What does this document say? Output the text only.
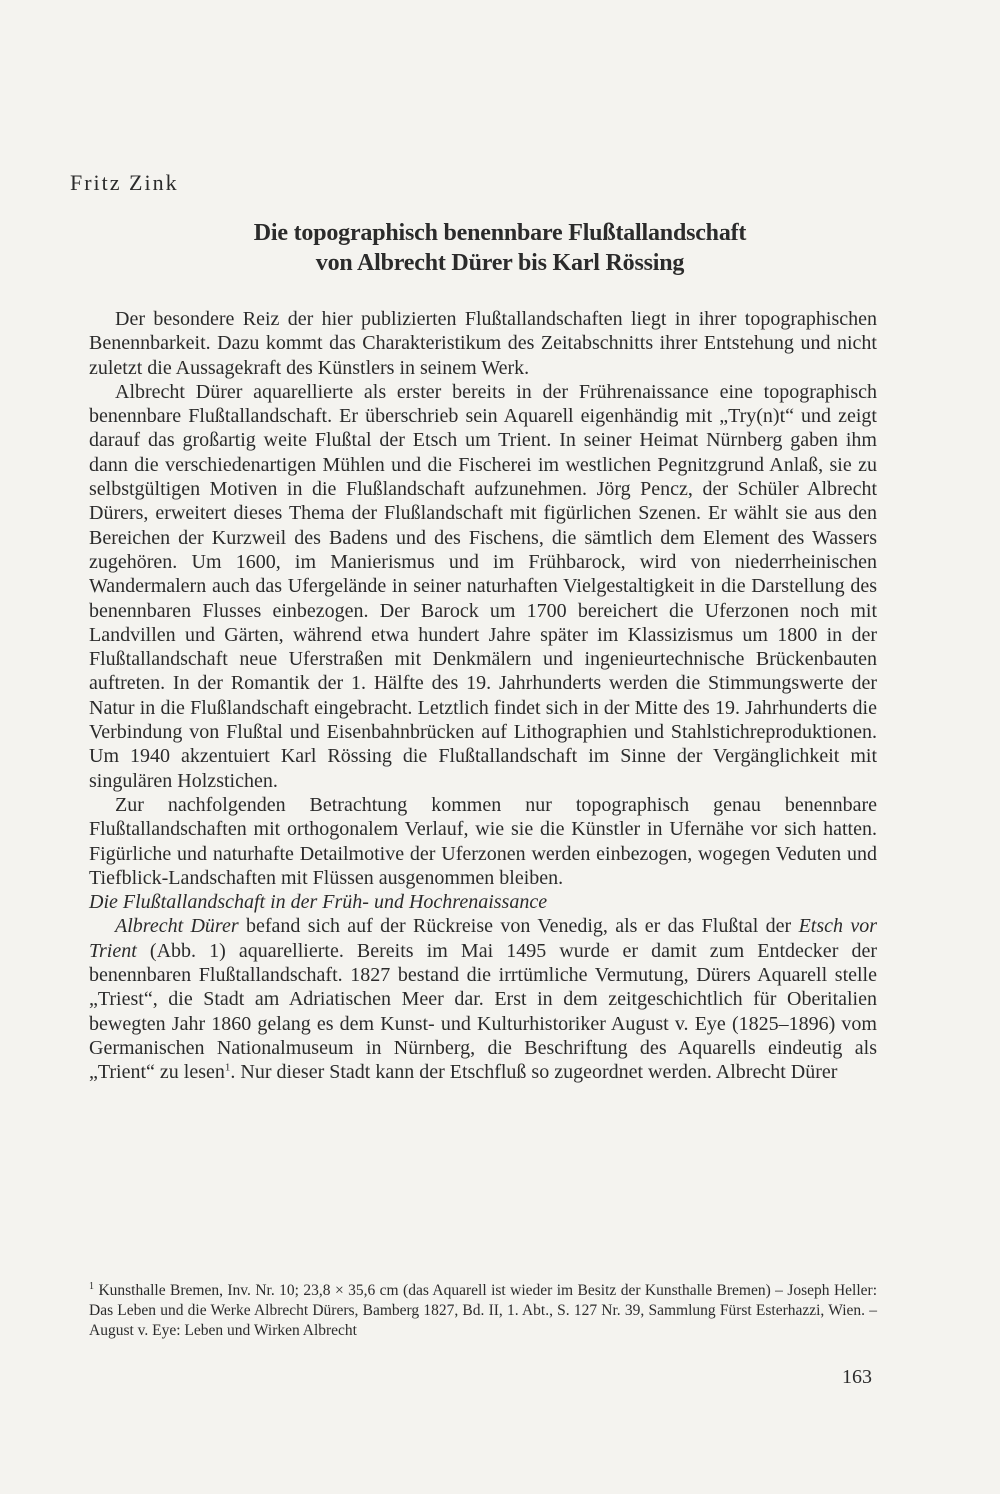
Fritz Zink
Die topographisch benennbare Flußtallandschaft
von Albrecht Dürer bis Karl Rössing

Der besondere Reiz der hier publizierten Flußtallandschaften liegt in ihrer topographischen Benennbarkeit. Dazu kommt das Charakteristikum des Zeitabschnitts ihrer Entstehung und nicht zuletzt die Aussagekraft des Künstlers in seinem Werk.

Albrecht Dürer aquarellierte als erster bereits in der Frührenaissance eine topographisch benennbare Flußtallandschaft. Er überschrieb sein Aquarell eigenhändig mit „Try(n)t“ und zeigt darauf das großartig weite Flußtal der Etsch um Trient. In seiner Heimat Nürnberg gaben ihm dann die verschiedenartigen Mühlen und die Fischerei im westlichen Pegnitzgrund Anlaß, sie zu selbstgültigen Motiven in die Flußlandschaft aufzunehmen. Jörg Pencz, der Schüler Albrecht Dürers, erweitert dieses Thema der Flußlandschaft mit figürlichen Szenen. Er wählt sie aus den Bereichen der Kurzweil des Badens und des Fischens, die sämtlich dem Element des Wassers zugehören. Um 1600, im Manierismus und im Frühbarock, wird von niederrheinischen Wandermalern auch das Ufergelände in seiner naturhaften Vielgestaltigkeit in die Darstellung des benennbaren Flusses einbezogen. Der Barock um 1700 bereichert die Uferzonen noch mit Landvillen und Gärten, während etwa hundert Jahre später im Klassizismus um 1800 in der Flußtallandschaft neue Uferstraßen mit Denkmälern und ingenieurtechnische Brückenbauten auftreten. In der Romantik der 1. Hälfte des 19. Jahrhunderts werden die Stimmungswerte der Natur in die Flußlandschaft eingebracht. Letztlich findet sich in der Mitte des 19. Jahrhunderts die Verbindung von Flußtal und Eisenbahnbrücken auf Lithographien und Stahlstichreproduktionen. Um 1940 akzentuiert Karl Rössing die Flußtallandschaft im Sinne der Vergänglichkeit mit singulären Holzstichen.

Zur nachfolgenden Betrachtung kommen nur topographisch genau benennbare Flußtallandschaften mit orthogonalem Verlauf, wie sie die Künstler in Ufernähe vor sich hatten. Figürliche und naturhafte Detailmotive der Uferzonen werden einbezogen, wogegen Veduten und Tiefblick-Landschaften mit Flüssen ausgenommen bleiben.

Die Flußtallandschaft in der Früh- und Hochrenaissance

Albrecht Dürer befand sich auf der Rückreise von Venedig, als er das Flußtal der Etsch vor Trient (Abb. 1) aquarellierte. Bereits im Mai 1495 wurde er damit zum Entdecker der benennbaren Flußtallandschaft. 1827 bestand die irrtümliche Vermutung, Dürers Aquarell stelle „Triest“, die Stadt am Adriatischen Meer dar. Erst in dem zeitgeschichtlich für Oberitalien bewegten Jahr 1860 gelang es dem Kunst- und Kulturhistoriker August v. Eye (1825–1896) vom Germanischen Nationalmuseum in Nürnberg, die Beschriftung des Aquarells eindeutig als „Trient“ zu lesen$^1$. Nur dieser Stadt kann der Etschfluß so zugeordnet werden. Albrecht Dürer

$^1$ Kunsthalle Bremen, Inv. Nr. 10; 23,8 × 35,6 cm (das Aquarell ist wieder im Besitz der Kunsthalle Bremen) – Joseph Heller: Das Leben und die Werke Albrecht Dürers, Bamberg 1827, Bd. II, 1. Abt., S. 127 Nr. 39, Sammlung Fürst Esterhazzi, Wien. – August v. Eye: Leben und Wirken Albrecht
163
